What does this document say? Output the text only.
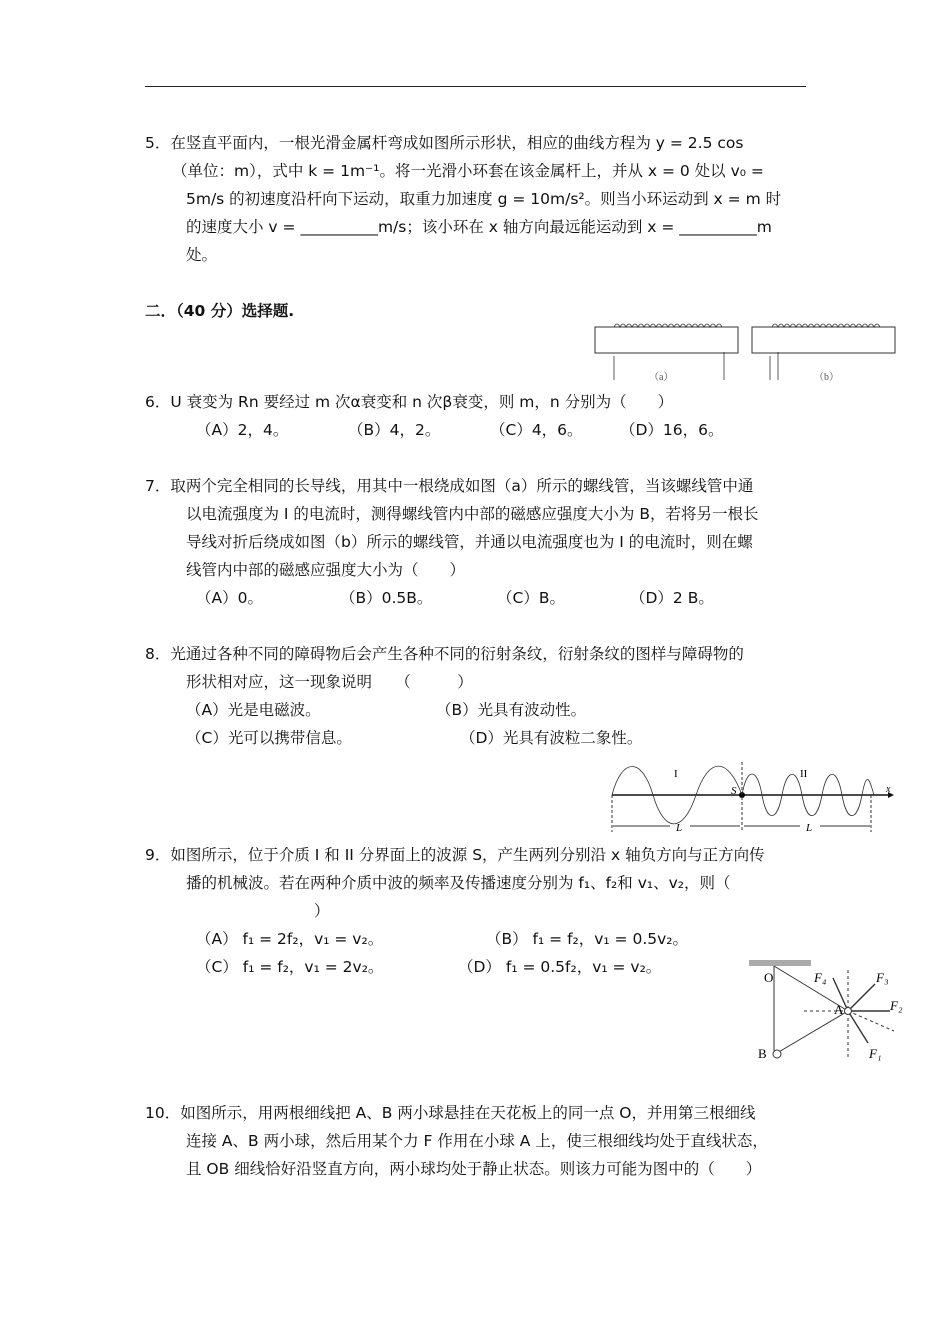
5．在竖直平面内，一根光滑金属杆弯成如图所示形状，相应的曲线方程为 y = 2.5 cos
（单位：m），式中 k = 1m⁻¹。将一光滑小环套在该金属杆上，并从 x = 0 处以 v₀ =
5m/s 的初速度沿杆向下运动，取重力加速度 g = 10m/s²。则当小环运动到 x = m 时
的速度大小 v = __________m/s；该小环在 x 轴方向最远能运动到 x = __________m
处。
二．（40 分）选择题.
（a）	（b）
6．U 衰变为 Rn 要经过 m 次α衰变和 n 次β衰变，则 m，n 分别为（　　）
（A）2，4。	（B）4，2。	（C）4，6。 （D）16，6。
7．取两个完全相同的长导线，用其中一根绕成如图（a）所示的螺线管，当该螺线管中通
以电流强度为 I 的电流时，测得螺线管内中部的磁感应强度大小为 B，若将另一根长
导线对折后绕成如图（b）所示的螺线管，并通以电流强度也为 I 的电流时，则在螺
线管内中部的磁感应强度大小为（　　）
（A）0。	（B）0.5B。	（C）B。	（D）2 B。
8．光通过各种不同的障碍物后会产生各种不同的衍射条纹，衍射条纹的图样与障碍物的
形状相对应，这一现象说明　　（　　　）
（A）光是电磁波。	（B）光具有波动性。
（C）光可以携带信息。	（D）光具有波粒二象性。
I	II
S	x
L	L
9．如图所示，位于介质 I 和 II 分界面上的波源 S，产生两列分别沿 x 轴负方向与正方向传
播的机械波。若在两种介质中波的频率及传播速度分别为 f₁、f₂和 v₁、v₂，则（
）
（A） f₁ = 2f₂，v₁ = v₂。	（B） f₁ = f₂，v₁ = 0.5v₂。
（C） f₁ = f₂，v₁ = 2v₂。	（D） f₁ = 0.5f₂，v₁ = v₂。
O
A
B	F₁
F₂
F₃
F₄
10．如图所示，用两根细线把 A、B 两小球悬挂在天花板上的同一点 O，并用第三根细线
连接 A、B 两小球，然后用某个力 F 作用在小球 A 上，使三根细线均处于直线状态，
且 OB 细线恰好沿竖直方向，两小球均处于静止状态。则该力可能为图中的（　　）
